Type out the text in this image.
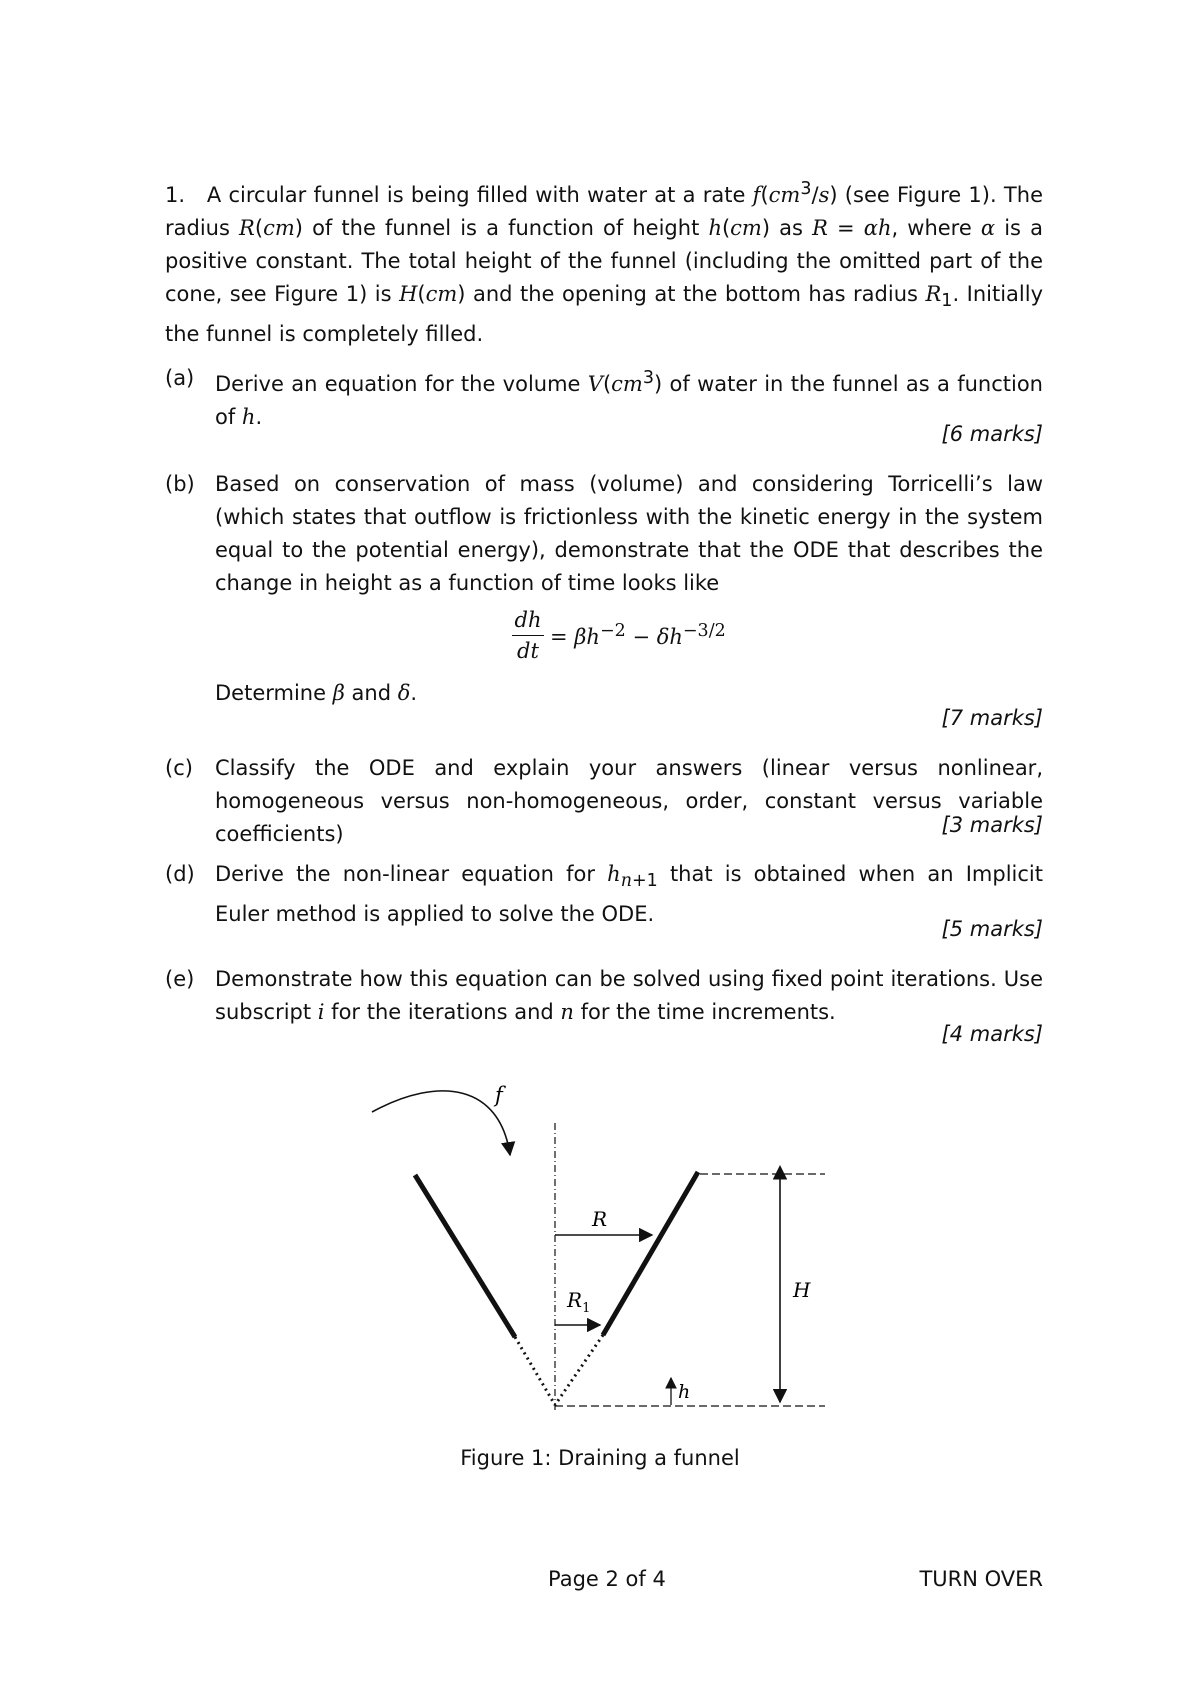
1. A circular funnel is being filled with water at a rate $f(cm^3/s)$ (see Figure 1). The radius R(cm) of the funnel is a function of height h(cm) as R = αh, where α is a positive constant. The total height of the funnel (including the omitted part of the cone, see Figure 1) is H(cm) and the opening at the bottom has radius $R_1$. Initially the funnel is completely filled.
(a) Derive an equation for the volume $V(cm^3)$ of water in the funnel as a function of h.
[6 marks]
(b) Based on conservation of mass (volume) and considering Torricelli’s law (which states that outflow is frictionless with the kinetic energy in the system equal to the potential energy), demonstrate that the ODE that describes the change in height as a function of time looks like
$\frac{dh}{dt} = \beta h^{-2} - \delta h^{-3/2}$
Determine β and δ.
[7 marks]
(c) Classify the ODE and explain your answers (linear versus nonlinear, homogeneous versus non-homogeneous, order, constant versus variable coefficients)	[3 marks]
(d) Derive the non-linear equation for $h_{n+1}$ that is obtained when an Implicit Euler method is applied to solve the ODE.
[5 marks]
(e) Demonstrate how this equation can be solved using fixed point iterations. Use subscript i for the iterations and n for the time increments.
[4 marks]
f
R
$R_1$
H
h
Figure 1: Draining a funnel
Page 2 of 4	TURN OVER
